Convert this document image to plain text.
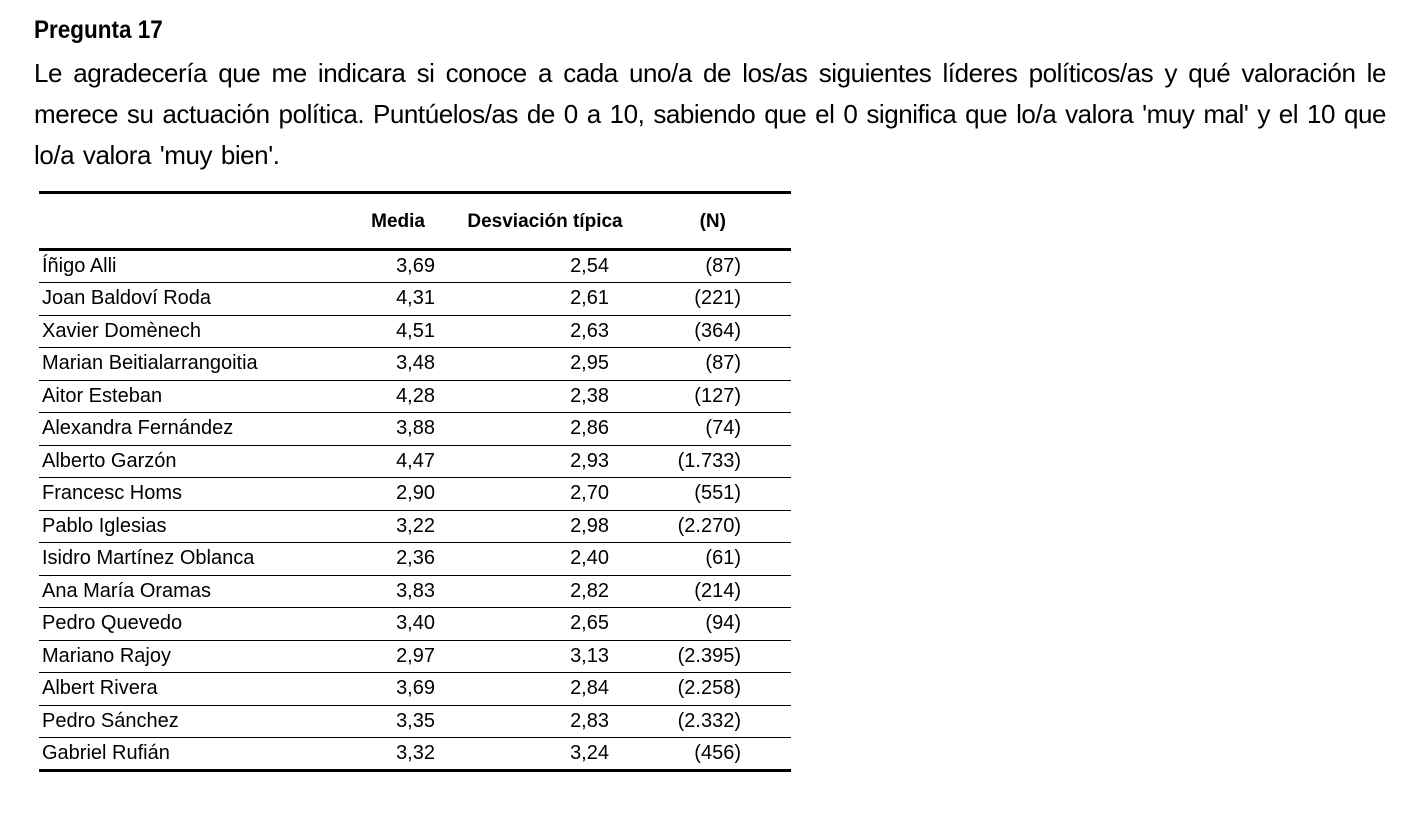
Pregunta 17

Le agradecería que me indicara si conoce a cada uno/a de los/as siguientes líderes políticos/as y qué valoración le merece su actuación política. Puntúelos/as de 0 a 10, sabiendo que el 0 significa que lo/a valora 'muy mal' y el 10 que lo/a valora 'muy bien'.

	Media	Desviación típica	(N)
Íñigo Alli	3,69	2,54	(87)
Joan Baldoví Roda	4,31	2,61	(221)
Xavier Domènech	4,51	2,63	(364)
Marian Beitialarrangoitia	3,48	2,95	(87)
Aitor Esteban	4,28	2,38	(127)
Alexandra Fernández	3,88	2,86	(74)
Alberto Garzón	4,47	2,93	(1.733)
Francesc Homs	2,90	2,70	(551)
Pablo Iglesias	3,22	2,98	(2.270)
Isidro Martínez Oblanca	2,36	2,40	(61)
Ana María Oramas	3,83	2,82	(214)
Pedro Quevedo	3,40	2,65	(94)
Mariano Rajoy	2,97	3,13	(2.395)
Albert Rivera	3,69	2,84	(2.258)
Pedro Sánchez	3,35	2,83	(2.332)
Gabriel Rufián	3,32	3,24	(456)
